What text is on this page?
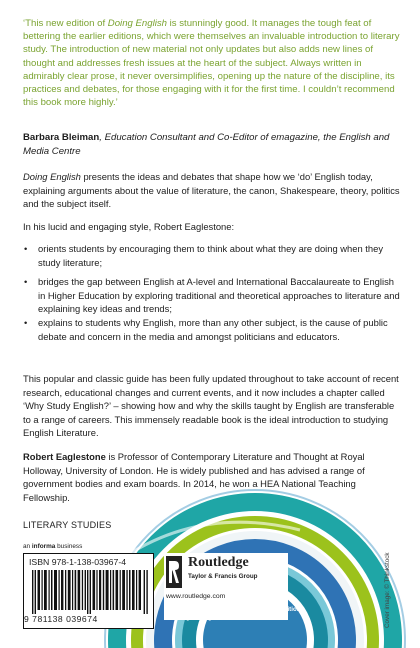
‘This new edition of Doing English is stunningly good. It manages the tough feat of bettering the earlier editions, which were themselves an invaluable introduction to literary study. The introduction of new material not only updates but also adds new lines of thought and addresses fresh issues at the heart of the subject. Always written in admirably clear prose, it never oversimplifies, opening up the nature of the discipline, its practices and debates, for those engaging with it for the first time. I couldn’t recommend this book more highly.’
Barbara Bleiman, Education Consultant and Co-Editor of emagazine, the English and Media Centre
Doing English presents the ideas and debates that shape how we ‘do’ English today, explaining arguments about the value of literature, the canon, Shakespeare, theory, politics and the subject itself.
In his lucid and engaging style, Robert Eaglestone:
• orients students by encouraging them to think about what they are doing when they study literature;
• bridges the gap between English at A-level and International Baccalaureate to English in Higher Education by exploring traditional and theoretical approaches to literature and explaining key ideas and trends;
• explains to students why English, more than any other subject, is the cause of public debate and concern in the media and amongst politicians and educators.
This popular and classic guide has been fully updated throughout to take account of recent research, educational changes and current events, and it now includes a chapter called ‘Why Study English?’ – showing how and why the skills taught by English are transferable to a range of careers. This immensely readable book is the ideal introduction to studying English Literature.
Robert Eaglestone is Professor of Contemporary Literature and Thought at Royal Holloway, University of London. He is widely published and has advised a range of government bodies and exam boards. In 2014, he won a HEA National Teaching Fellowship.
LITERARY STUDIES
an informa business
ISBN 978-1-138-03967-4
9 781138 039674
Routledge
Taylor & Francis Group
www.routledge.com
Routledge titles are available as eBook editions in a range of digital formats	Cover image: © Thinkstock
